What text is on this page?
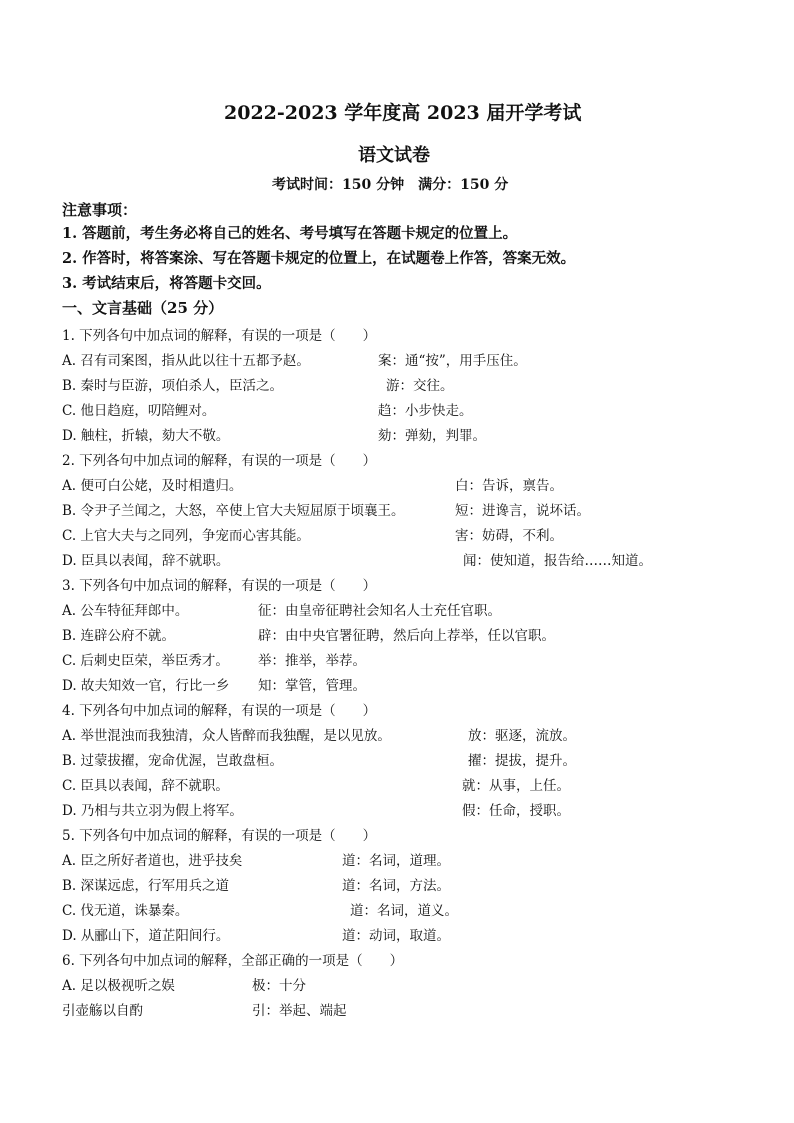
2022-2023 学年度高 2023 届开学考试
语文试卷
考试时间：150 分钟　满分：150 分
注意事项：
1. 答题前，考生务必将自己的姓名、考号填写在答题卡规定的位置上。
2. 作答时，将答案涂、写在答题卡规定的位置上，在试题卷上作答，答案无效。
3. 考试结束后，将答题卡交回。
一、文言基础（25 分）
1. 下列各句中加点词的解释，有误的一项是（　　）
A. 召有司案图，指从此以往十五都予赵。	案：通“按”，用手压住。
B. 秦时与臣游，项伯杀人，臣活之。	游：交往。
C. 他日趋庭，叨陪鲤对。	趋：小步快走。
D. 触柱，折辕，劾大不敬。	劾：弹劾，判罪。
2. 下列各句中加点词的解释，有误的一项是（　　）
A. 便可白公姥，及时相遣归。	白：告诉，禀告。
B. 令尹子兰闻之，大怒，卒使上官大夫短屈原于顷襄王。	短：进谗言，说坏话。
C. 上官大夫与之同列，争宠而心害其能。	害：妨碍，不利。
D. 臣具以表闻，辞不就职。	闻：使知道，报告给……知道。
3. 下列各句中加点词的解释，有误的一项是（　　）
A. 公车特征拜郎中。	征：由皇帝征聘社会知名人士充任官职。
B. 连辟公府不就。	辟：由中央官署征聘，然后向上荐举，任以官职。
C. 后刺史臣荣，举臣秀才。 举：推举，举荐。
D. 故夫知效一官，行比一乡 知：掌管，管理。
4. 下列各句中加点词的解释，有误的一项是（　　）
A. 举世混浊而我独清，众人皆醉而我独醒，是以见放。	放：驱逐，流放。
B. 过蒙拔擢，宠命优渥，岂敢盘桓。	擢：提拔，提升。
C. 臣具以表闻，辞不就职。	就：从事，上任。
D. 乃相与共立羽为假上将军。	假：任命，授职。
5. 下列各句中加点词的解释，有误的一项是（　　）
A. 臣之所好者道也，进乎技矣	道：名词，道理。
B. 深谋远虑，行军用兵之道	道：名词，方法。
C. 伐无道，诛暴秦。	道：名词，道义。
D. 从郦山下，道芷阳间行。	道：动词，取道。
6. 下列各句中加点词的解释，全部正确的一项是（　　）
A. 足以极视听之娱	极：十分
引壶觞以自酌	引：举起、端起
